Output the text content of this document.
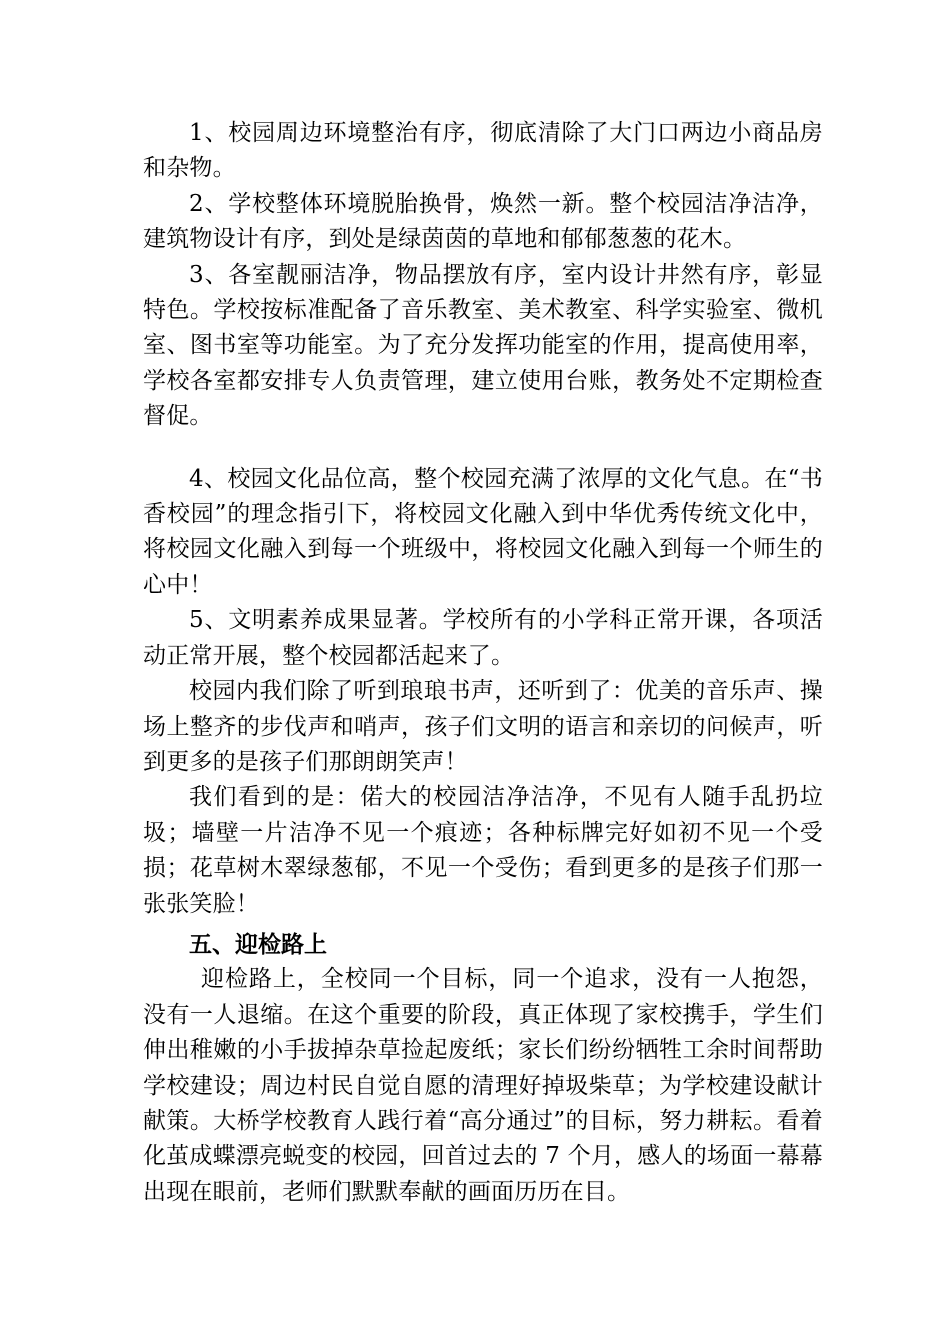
1、校园周边环境整治有序，彻底清除了大门口两边小商品房和杂物。

2、学校整体环境脱胎换骨，焕然一新。整个校园洁净洁净，建筑物设计有序，到处是绿茵茵的草地和郁郁葱葱的花木。

3、各室靓丽洁净，物品摆放有序，室内设计井然有序，彰显特色。学校按标准配备了音乐教室、美术教室、科学实验室、微机室、图书室等功能室。为了充分发挥功能室的作用，提高使用率，学校各室都安排专人负责管理，建立使用台账，教务处不定期检查督促。

4、校园文化品位高，整个校园充满了浓厚的文化气息。在“书香校园”的理念指引下，将校园文化融入到中华优秀传统文化中，将校园文化融入到每一个班级中，将校园文化融入到每一个师生的心中！

5、文明素养成果显著。学校所有的小学科正常开课，各项活动正常开展，整个校园都活起来了。

校园内我们除了听到琅琅书声，还听到了：优美的音乐声、操场上整齐的步伐声和哨声，孩子们文明的语言和亲切的问候声，听到更多的是孩子们那朗朗笑声！

我们看到的是：偌大的校园洁净洁净，不见有人随手乱扔垃圾；墙壁一片洁净不见一个痕迹；各种标牌完好如初不见一个受损；花草树木翠绿葱郁，不见一个受伤；看到更多的是孩子们那一张张笑脸！

五、迎检路上

迎检路上，全校同一个目标，同一个追求，没有一人抱怨，没有一人退缩。在这个重要的阶段，真正体现了家校携手，学生们伸出稚嫩的小手拔掉杂草捡起废纸；家长们纷纷牺牲工余时间帮助学校建设；周边村民自觉自愿的清理好掉圾柴草；为学校建设献计献策。大桥学校教育人践行着“高分通过”的目标，努力耕耘。看着化茧成蝶漂亮蜕变的校园，回首过去的 7 个月，感人的场面一幕幕出现在眼前，老师们默默奉献的画面历历在目。
